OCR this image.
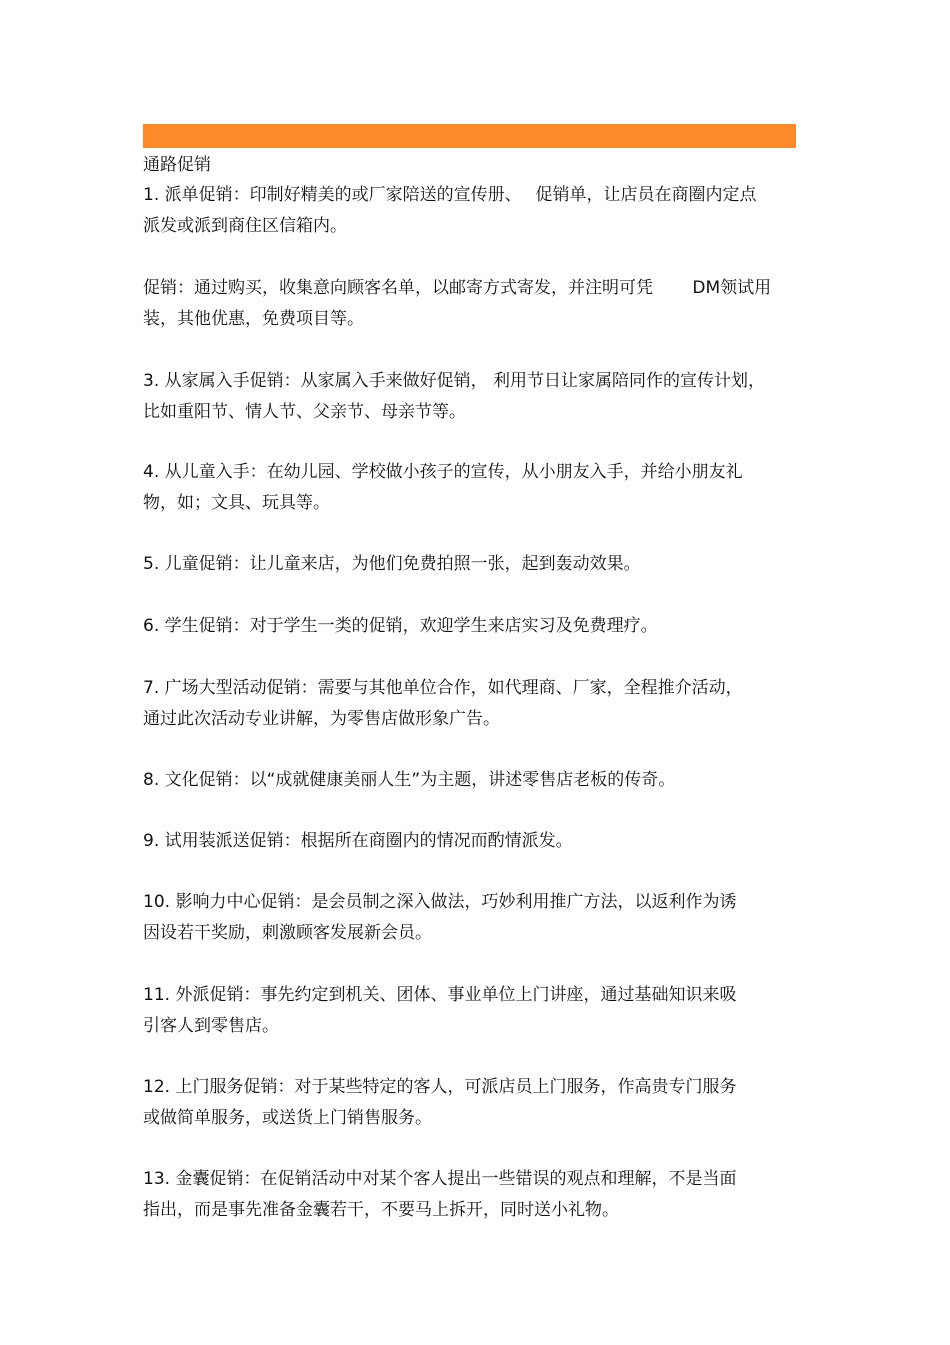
通路促销
1. 派单促销：印制好精美的或厂家陪送的宣传册、　 促销单，让店员在商圈内定点
派发或派到商住区信箱内。
促销：通过购买，收集意向顾客名单，以邮寄方式寄发，并注明可凭　　 DM领试用
装，其他优惠，免费项目等。
3. 从家属入手促销：从家属入手来做好促销， 利用节日让家属陪同作的宣传计划，
比如重阳节、情人节、父亲节、母亲节等。
4. 从儿童入手：在幼儿园、学校做小孩子的宣传，从小朋友入手，并给小朋友礼
物，如；文具、玩具等。
5. 儿童促销：让儿童来店，为他们免费拍照一张，起到轰动效果。
6. 学生促销：对于学生一类的促销，欢迎学生来店实习及免费理疗。
7. 广场大型活动促销：需要与其他单位合作，如代理商、厂家，全程推介活动，
通过此次活动专业讲解，为零售店做形象广告。
8. 文化促销：以“成就健康美丽人生”为主题，讲述零售店老板的传奇。
9. 试用装派送促销：根据所在商圈内的情况而酌情派发。
10. 影响力中心促销：是会员制之深入做法，巧妙利用推广方法，以返利作为诱
因设若干奖励，刺激顾客发展新会员。
11. 外派促销：事先约定到机关、团体、事业单位上门讲座，通过基础知识来吸
引客人到零售店。
12. 上门服务促销：对于某些特定的客人，可派店员上门服务，作高贵专门服务
或做简单服务，或送货上门销售服务。
13. 金囊促销：在促销活动中对某个客人提出一些错误的观点和理解，不是当面
指出，而是事先准备金囊若干，不要马上拆开，同时送小礼物。
